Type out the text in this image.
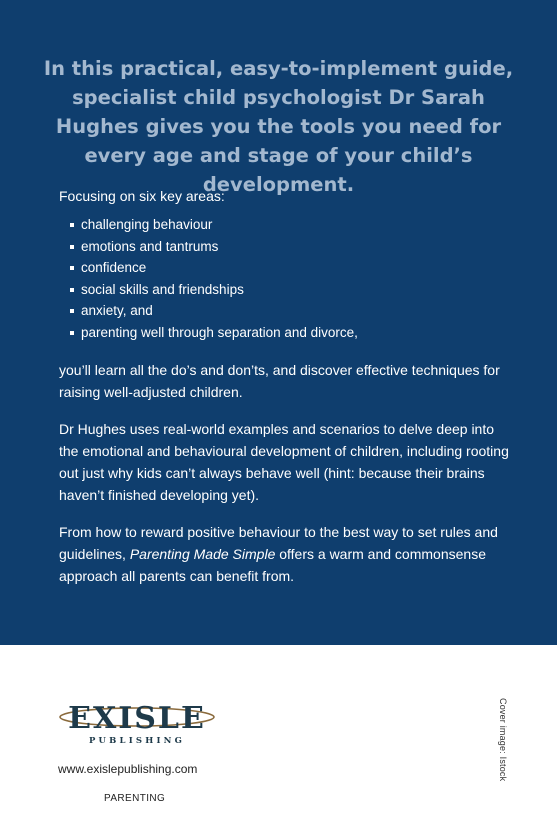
In this practical, easy-to-implement guide, specialist child psychologist Dr Sarah Hughes gives you the tools you need for every age and stage of your child’s development.

Focusing on six key areas:

challenging behaviour
emotions and tantrums
confidence
social skills and friendships
anxiety, and
parenting well through separation and divorce,

you’ll learn all the do’s and don’ts, and discover effective techniques for raising well-adjusted children.

Dr Hughes uses real-world examples and scenarios to delve deep into the emotional and behavioural development of children, including rooting out just why kids can’t always behave well (hint: because their brains haven’t finished developing yet).

From how to reward positive behaviour to the best way to set rules and guidelines, Parenting Made Simple offers a warm and commonsense approach all parents can benefit from.

EXISLE
PUBLISHING
www.exislepublishing.com
PARENTING
Cover image: Istock
